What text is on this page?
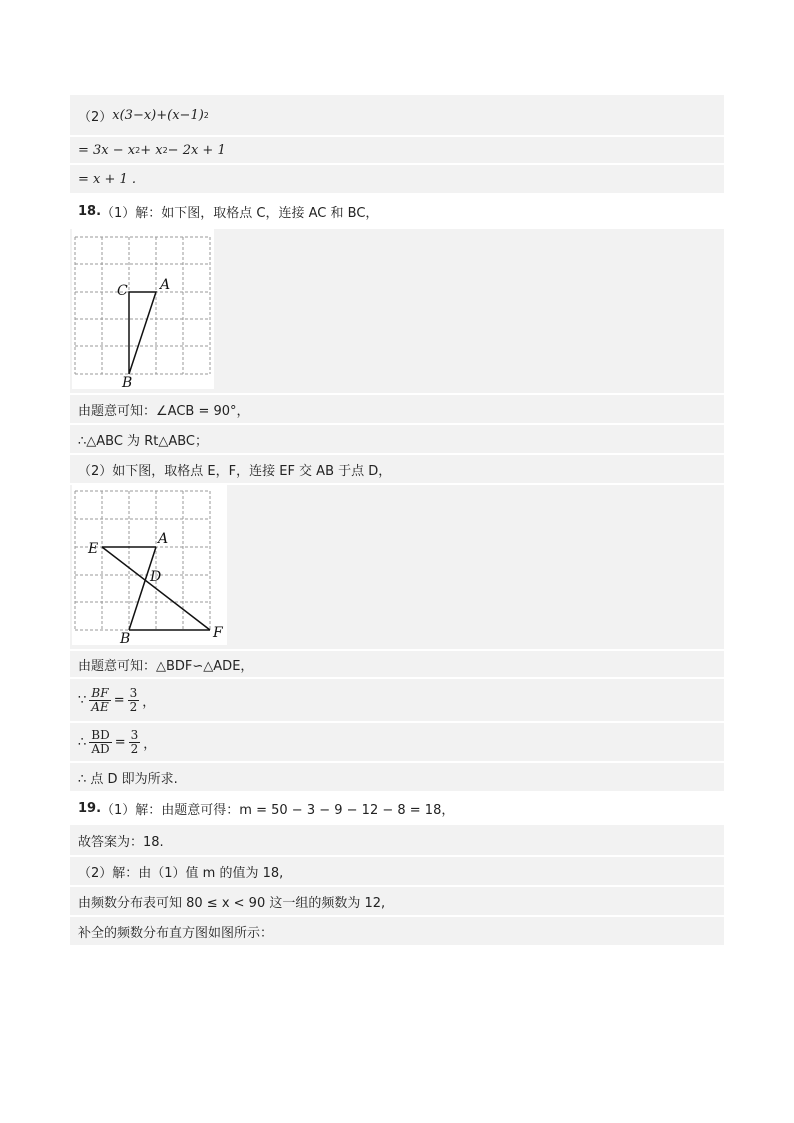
（2） x(3−x)+(x−1) 2
= 3x − x 2 + x 2 − 2x + 1
= x + 1 .
18. （1）解：如下图，取格点 C，连接 AC 和 BC，
C A
B
由题意可知：∠ACB = 90°，
∴△ABC 为 Rt△ABC；
（2）如下图，取格点 E，F，连接 EF 交 AB 于点 D，
E
A
D
B	F
由题意可知：△BDF∽△ADE，
∵ $\frac{BF}{AE} = \frac{3}{2}$ ，
∴ $\frac{BD}{AD} = \frac{3}{2}$ ，
∴ 点 D 即为所求.
19. （1）解：由题意可得：m = 50 − 3 − 9 − 12 − 8 = 18，
故答案为：18.
（2）解：由（1）值 m 的值为 18,
由频数分布表可知 80 ≤ x < 90 这一组的频数为 12,
补全的频数分布直方图如图所示：
